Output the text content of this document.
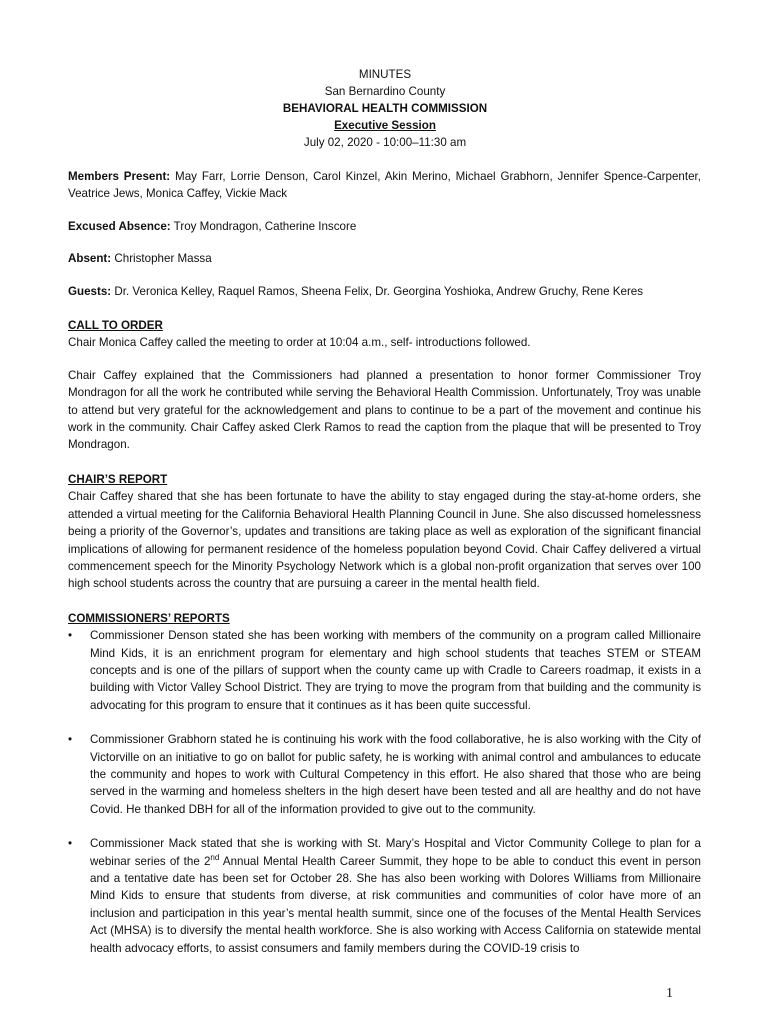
MINUTES
San Bernardino County
BEHAVIORAL HEALTH COMMISSION
Executive Session
July 02, 2020 - 10:00–11:30 am

Members Present: May Farr, Lorrie Denson, Carol Kinzel, Akin Merino, Michael Grabhorn, Jennifer Spence-Carpenter, Veatrice Jews, Monica Caffey, Vickie Mack

Excused Absence: Troy Mondragon, Catherine Inscore

Absent: Christopher Massa

Guests: Dr. Veronica Kelley, Raquel Ramos, Sheena Felix, Dr. Georgina Yoshioka, Andrew Gruchy, Rene Keres

CALL TO ORDER

Chair Monica Caffey called the meeting to order at 10:04 a.m., self- introductions followed.

Chair Caffey explained that the Commissioners had planned a presentation to honor former Commissioner Troy Mondragon for all the work he contributed while serving the Behavioral Health Commission. Unfortunately, Troy was unable to attend but very grateful for the acknowledgement and plans to continue to be a part of the movement and continue his work in the community. Chair Caffey asked Clerk Ramos to read the caption from the plaque that will be presented to Troy Mondragon.

CHAIR’S REPORT

Chair Caffey shared that she has been fortunate to have the ability to stay engaged during the stay-at-home orders, she attended a virtual meeting for the California Behavioral Health Planning Council in June. She also discussed homelessness being a priority of the Governor’s, updates and transitions are taking place as well as exploration of the significant financial implications of allowing for permanent residence of the homeless population beyond Covid. Chair Caffey delivered a virtual commencement speech for the Minority Psychology Network which is a global non-profit organization that serves over 100 high school students across the country that are pursuing a career in the mental health field.

COMMISSIONERS’ REPORTS
• Commissioner Denson stated she has been working with members of the community on a program called Millionaire Mind Kids, it is an enrichment program for elementary and high school students that teaches STEM or STEAM concepts and is one of the pillars of support when the county came up with Cradle to Careers roadmap, it exists in a building with Victor Valley School District. They are trying to move the program from that building and the community is advocating for this program to ensure that it continues as it has been quite successful.

• Commissioner Grabhorn stated he is continuing his work with the food collaborative, he is also working with the City of Victorville on an initiative to go on ballot for public safety, he is working with animal control and ambulances to educate the community and hopes to work with Cultural Competency in this effort. He also shared that those who are being served in the warming and homeless shelters in the high desert have been tested and all are healthy and do not have Covid. He thanked DBH for all of the information provided to give out to the community.

• Commissioner Mack stated that she is working with St. Mary’s Hospital and Victor Community College to plan for a webinar series of the 2nd Annual Mental Health Career Summit, they hope to be able to conduct this event in person and a tentative date has been set for October 28. She has also been working with Dolores Williams from Millionaire Mind Kids to ensure that students from diverse, at risk communities and communities of color have more of an inclusion and participation in this year’s mental health summit, since one of the focuses of the Mental Health Services Act (MHSA) is to diversify the mental health workforce. She is also working with Access California on statewide mental health advocacy efforts, to assist consumers and family members during the COVID-19 crisis to

1
